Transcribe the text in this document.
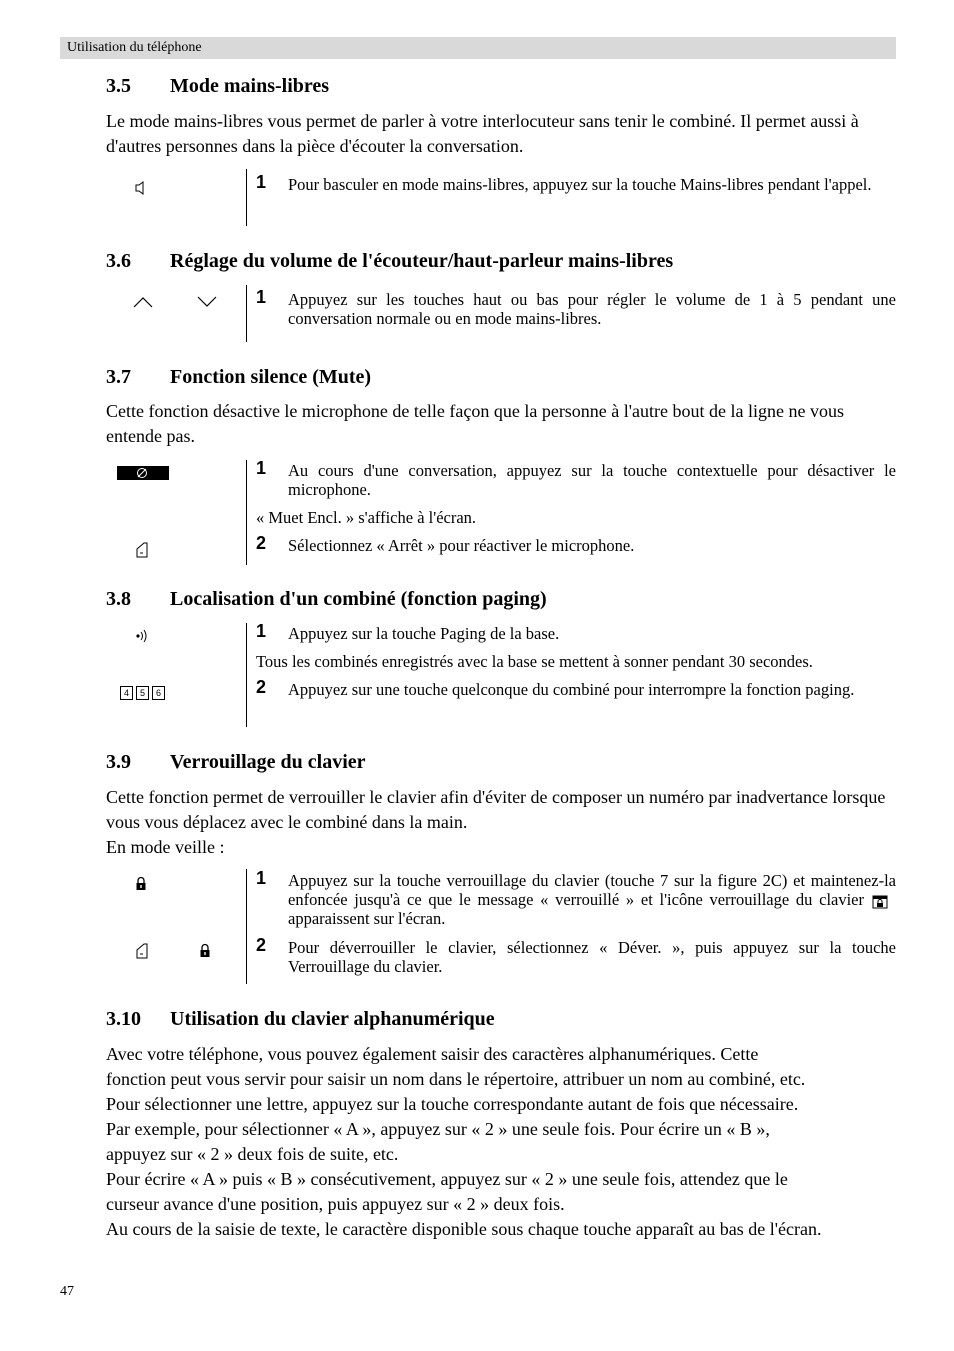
Utilisation du téléphone
3.5 Mode mains-libres
Le mode mains-libres vous permet de parler à votre interlocuteur sans tenir le combiné. Il permet aussi à d'autres personnes dans la pièce d'écouter la conversation.
1 Pour basculer en mode mains-libres, appuyez sur la touche Mains-libres pendant l'appel.
3.6 Réglage du volume de l'écouteur/haut-parleur mains-libres
1 Appuyez sur les touches haut ou bas pour régler le volume de 1 à 5 pendant une conversation normale ou en mode mains-libres.
3.7 Fonction silence (Mute)
Cette fonction désactive le microphone de telle façon que la personne à l'autre bout de la ligne ne vous entende pas.
1 Au cours d'une conversation, appuyez sur la touche contextuelle pour désactiver le microphone.
« Muet Encl. » s'affiche à l'écran.
2 Sélectionnez « Arrêt » pour réactiver le microphone.
3.8 Localisation d'un combiné (fonction paging)
4	5	6
1 Appuyez sur la touche Paging de la base.
Tous les combinés enregistrés avec la base se mettent à sonner pendant 30 secondes.
2 Appuyez sur une touche quelconque du combiné pour interrompre la fonction paging.
3.9 Verrouillage du clavier
Cette fonction permet de verrouiller le clavier afin d'éviter de composer un numéro par inadvertance lorsque vous vous déplacez avec le combiné dans la main.
En mode veille :
1 Appuyez sur la touche verrouillage du clavier (touche 7 sur la figure 2C) et maintenez-la enfoncée jusqu'à ce que le message « verrouillé » et l'icône verrouillage du clavierapparaissent sur l'écran.
2 Pour déverrouiller le clavier, sélectionnez « Déver. », puis appuyez sur la touche Verrouillage du clavier.
3.10 Utilisation du clavier alphanumérique
Avec votre téléphone, vous pouvez également saisir des caractères alphanumériques. Cette
fonction peut vous servir pour saisir un nom dans le répertoire, attribuer un nom au combiné, etc.
Pour sélectionner une lettre, appuyez sur la touche correspondante autant de fois que nécessaire.
Par exemple, pour sélectionner « A », appuyez sur « 2 » une seule fois. Pour écrire un « B »,
appuyez sur « 2 » deux fois de suite, etc.
Pour écrire « A » puis « B » consécutivement, appuyez sur « 2 » une seule fois, attendez que le
curseur avance d'une position, puis appuyez sur « 2 » deux fois.
Au cours de la saisie de texte, le caractère disponible sous chaque touche apparaît au bas de l'écran.
47
